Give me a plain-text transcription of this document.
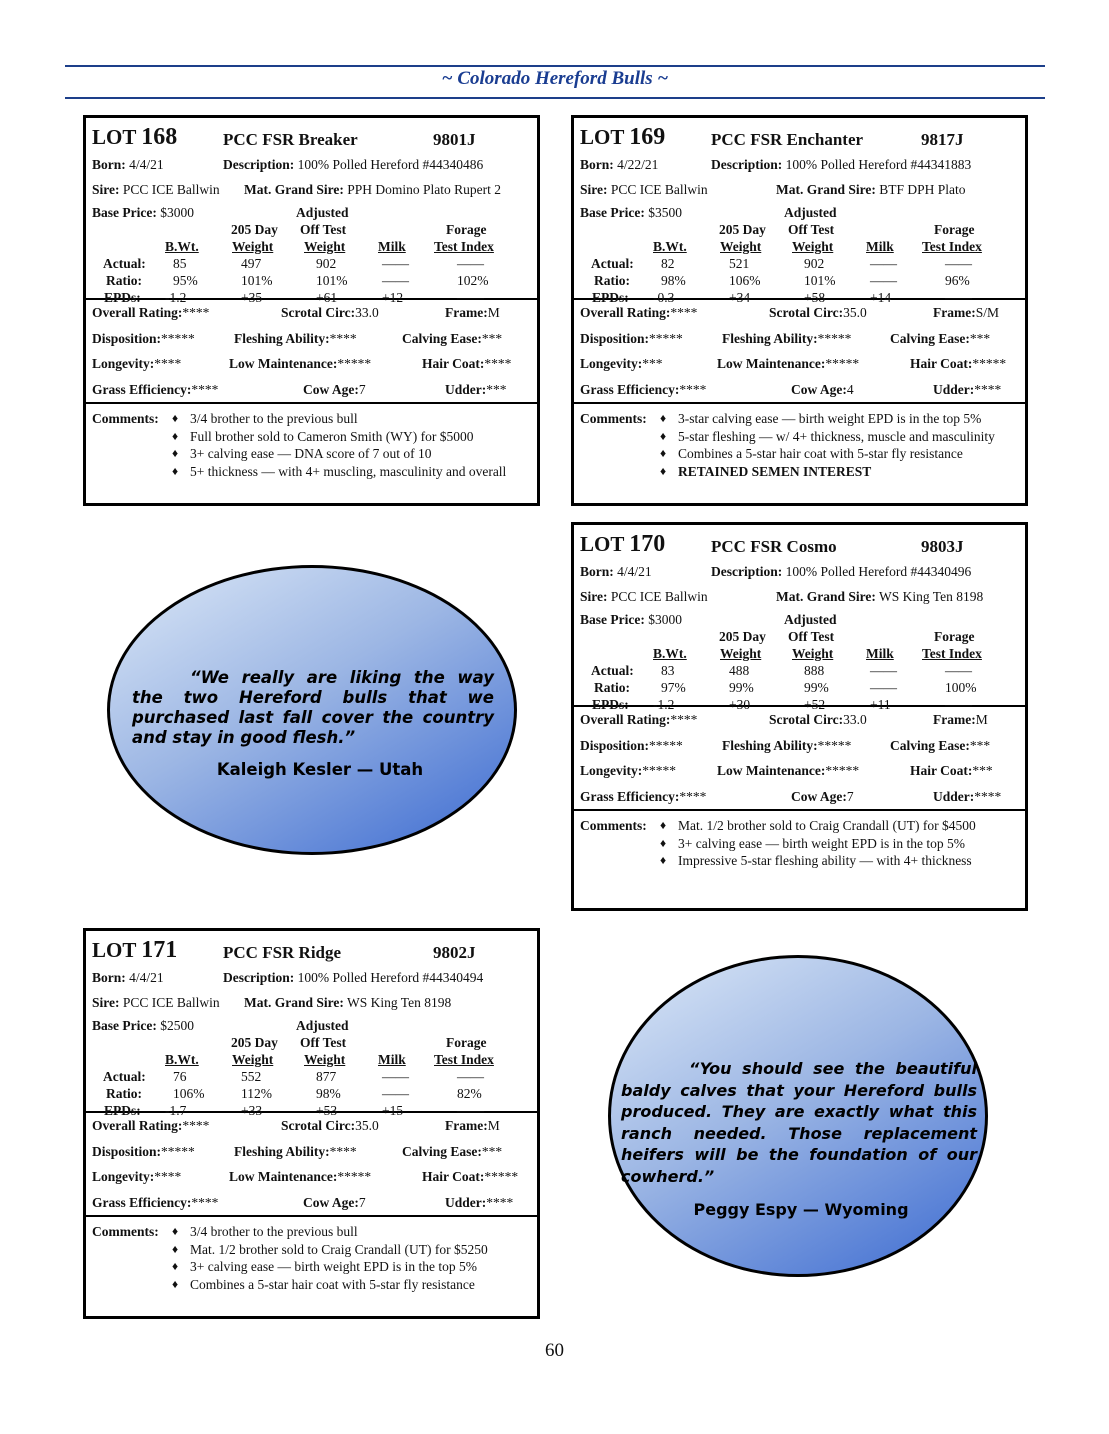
~ Colorado Hereford Bulls ~
LOT 168	PCC FSR Breaker	9801J
Born: 4/4/21	Description: 100% Polled Hereford #44340486
Sire: PCC ICE Ballwin Mat. Grand Sire: PPH Domino Plato Rupert 2
Base Price: $3000	Adjusted
205 Day Off Test	Forage
B.Wt. Weight Weight Milk Test Index
Actual: 85	497	902	——	——
Ratio: 95%	101%	101%	——	102%
EPDs: -1.2	+35	+61	+12	——
Overall Rating: ****	Scrotal Circ: 33.0	Frame: M
Disposition: *****	Fleshing Ability: ****	Calving Ease: ***
Longevity: ****	Low Maintenance: *****	Hair Coat: ****
Grass Efficiency: ****	Cow Age: 7	Udder: ***
Comments: ♦ 3/4 brother to the previous bull
♦ Full brother sold to Cameron Smith (WY) for $5000
♦ 3+ calving ease — DNA score of 7 out of 10
♦ 5+ thickness — with 4+ muscling, masculinity and overall
LOT 169	PCC FSR Enchanter	9817J
Born: 4/22/21	Description: 100% Polled Hereford #44341883
Sire: PCC ICE Ballwin	Mat. Grand Sire: BTF DPH Plato
Base Price: $3500	Adjusted
205 Day Off Test	Forage
B.Wt. Weight Weight Milk Test Index
Actual: 82	521	902	——	——
Ratio: 98%	106%	101%	——	96%
EPDs: -0.3	+34	+58	+14	——
Overall Rating: ****	Scrotal Circ: 35.0	Frame: S/M
Disposition: *****	Fleshing Ability: *****	Calving Ease: ***
Longevity: ***	Low Maintenance: *****	Hair Coat: *****
Grass Efficiency: ****	Cow Age: 4	Udder: ****
Comments: ♦ 3-star calving ease — birth weight EPD is in the top 5%
♦ 5-star fleshing — w/ 4+ thickness, muscle and masculinity
♦ Combines a 5-star hair coat with 5-star fly resistance
♦ RETAINED SEMEN INTEREST
LOT 170	PCC FSR Cosmo	9803J
Born: 4/4/21	Description: 100% Polled Hereford #44340496
Sire: PCC ICE Ballwin	Mat. Grand Sire: WS King Ten 8198
Base Price: $3000	Adjusted
205 Day Off Test	Forage
B.Wt. Weight Weight Milk Test Index
Actual: 83	488	888	——	——
Ratio: 97%	99%	99%	——	100%
EPDs: -1.2	+30	+52	+11	——
Overall Rating: ****	Scrotal Circ: 33.0	Frame: M
Disposition: *****	Fleshing Ability: *****	Calving Ease: ***
Longevity: *****	Low Maintenance: *****	Hair Coat: ***
Grass Efficiency: ****	Cow Age: 7	Udder: ****
Comments: ♦ Mat. 1/2 brother sold to Craig Crandall (UT) for $4500
♦ 3+ calving ease — birth weight EPD is in the top 5%
♦ Impressive 5-star fleshing ability — with 4+ thickness
LOT 171	PCC FSR Ridge	9802J
Born: 4/4/21	Description: 100% Polled Hereford #44340494
Sire: PCC ICE Ballwin Mat. Grand Sire: WS King Ten 8198
Base Price: $2500	Adjusted
205 Day Off Test	Forage
B.Wt. Weight Weight Milk Test Index
Actual: 76	552	877	——	——
Ratio: 106%	112%	98%	——	82%
EPDs: -1.7	+33	+53	+15	——
Overall Rating: ****	Scrotal Circ: 35.0	Frame: M
Disposition: *****	Fleshing Ability: ****	Calving Ease: ***
Longevity: ****	Low Maintenance: *****	Hair Coat: *****
Grass Efficiency: ****	Cow Age: 7	Udder: ****
Comments: ♦ 3/4 brother to the previous bull
♦ Mat. 1/2 brother sold to Craig Crandall (UT) for $5250
♦ 3+ calving ease — birth weight EPD is in the top 5%
♦ Combines a 5-star hair coat with 5-star fly resistance
“We really are liking the way the two Hereford bulls that we purchased last fall cover the country and stay in good flesh.”
Kaleigh Kesler — Utah
“You should see the beautiful baldy calves that your Hereford bulls produced. They are exactly what this ranch needed. Those replacement heifers will be the foundation of our cowherd.”
Peggy Espy — Wyoming
60
